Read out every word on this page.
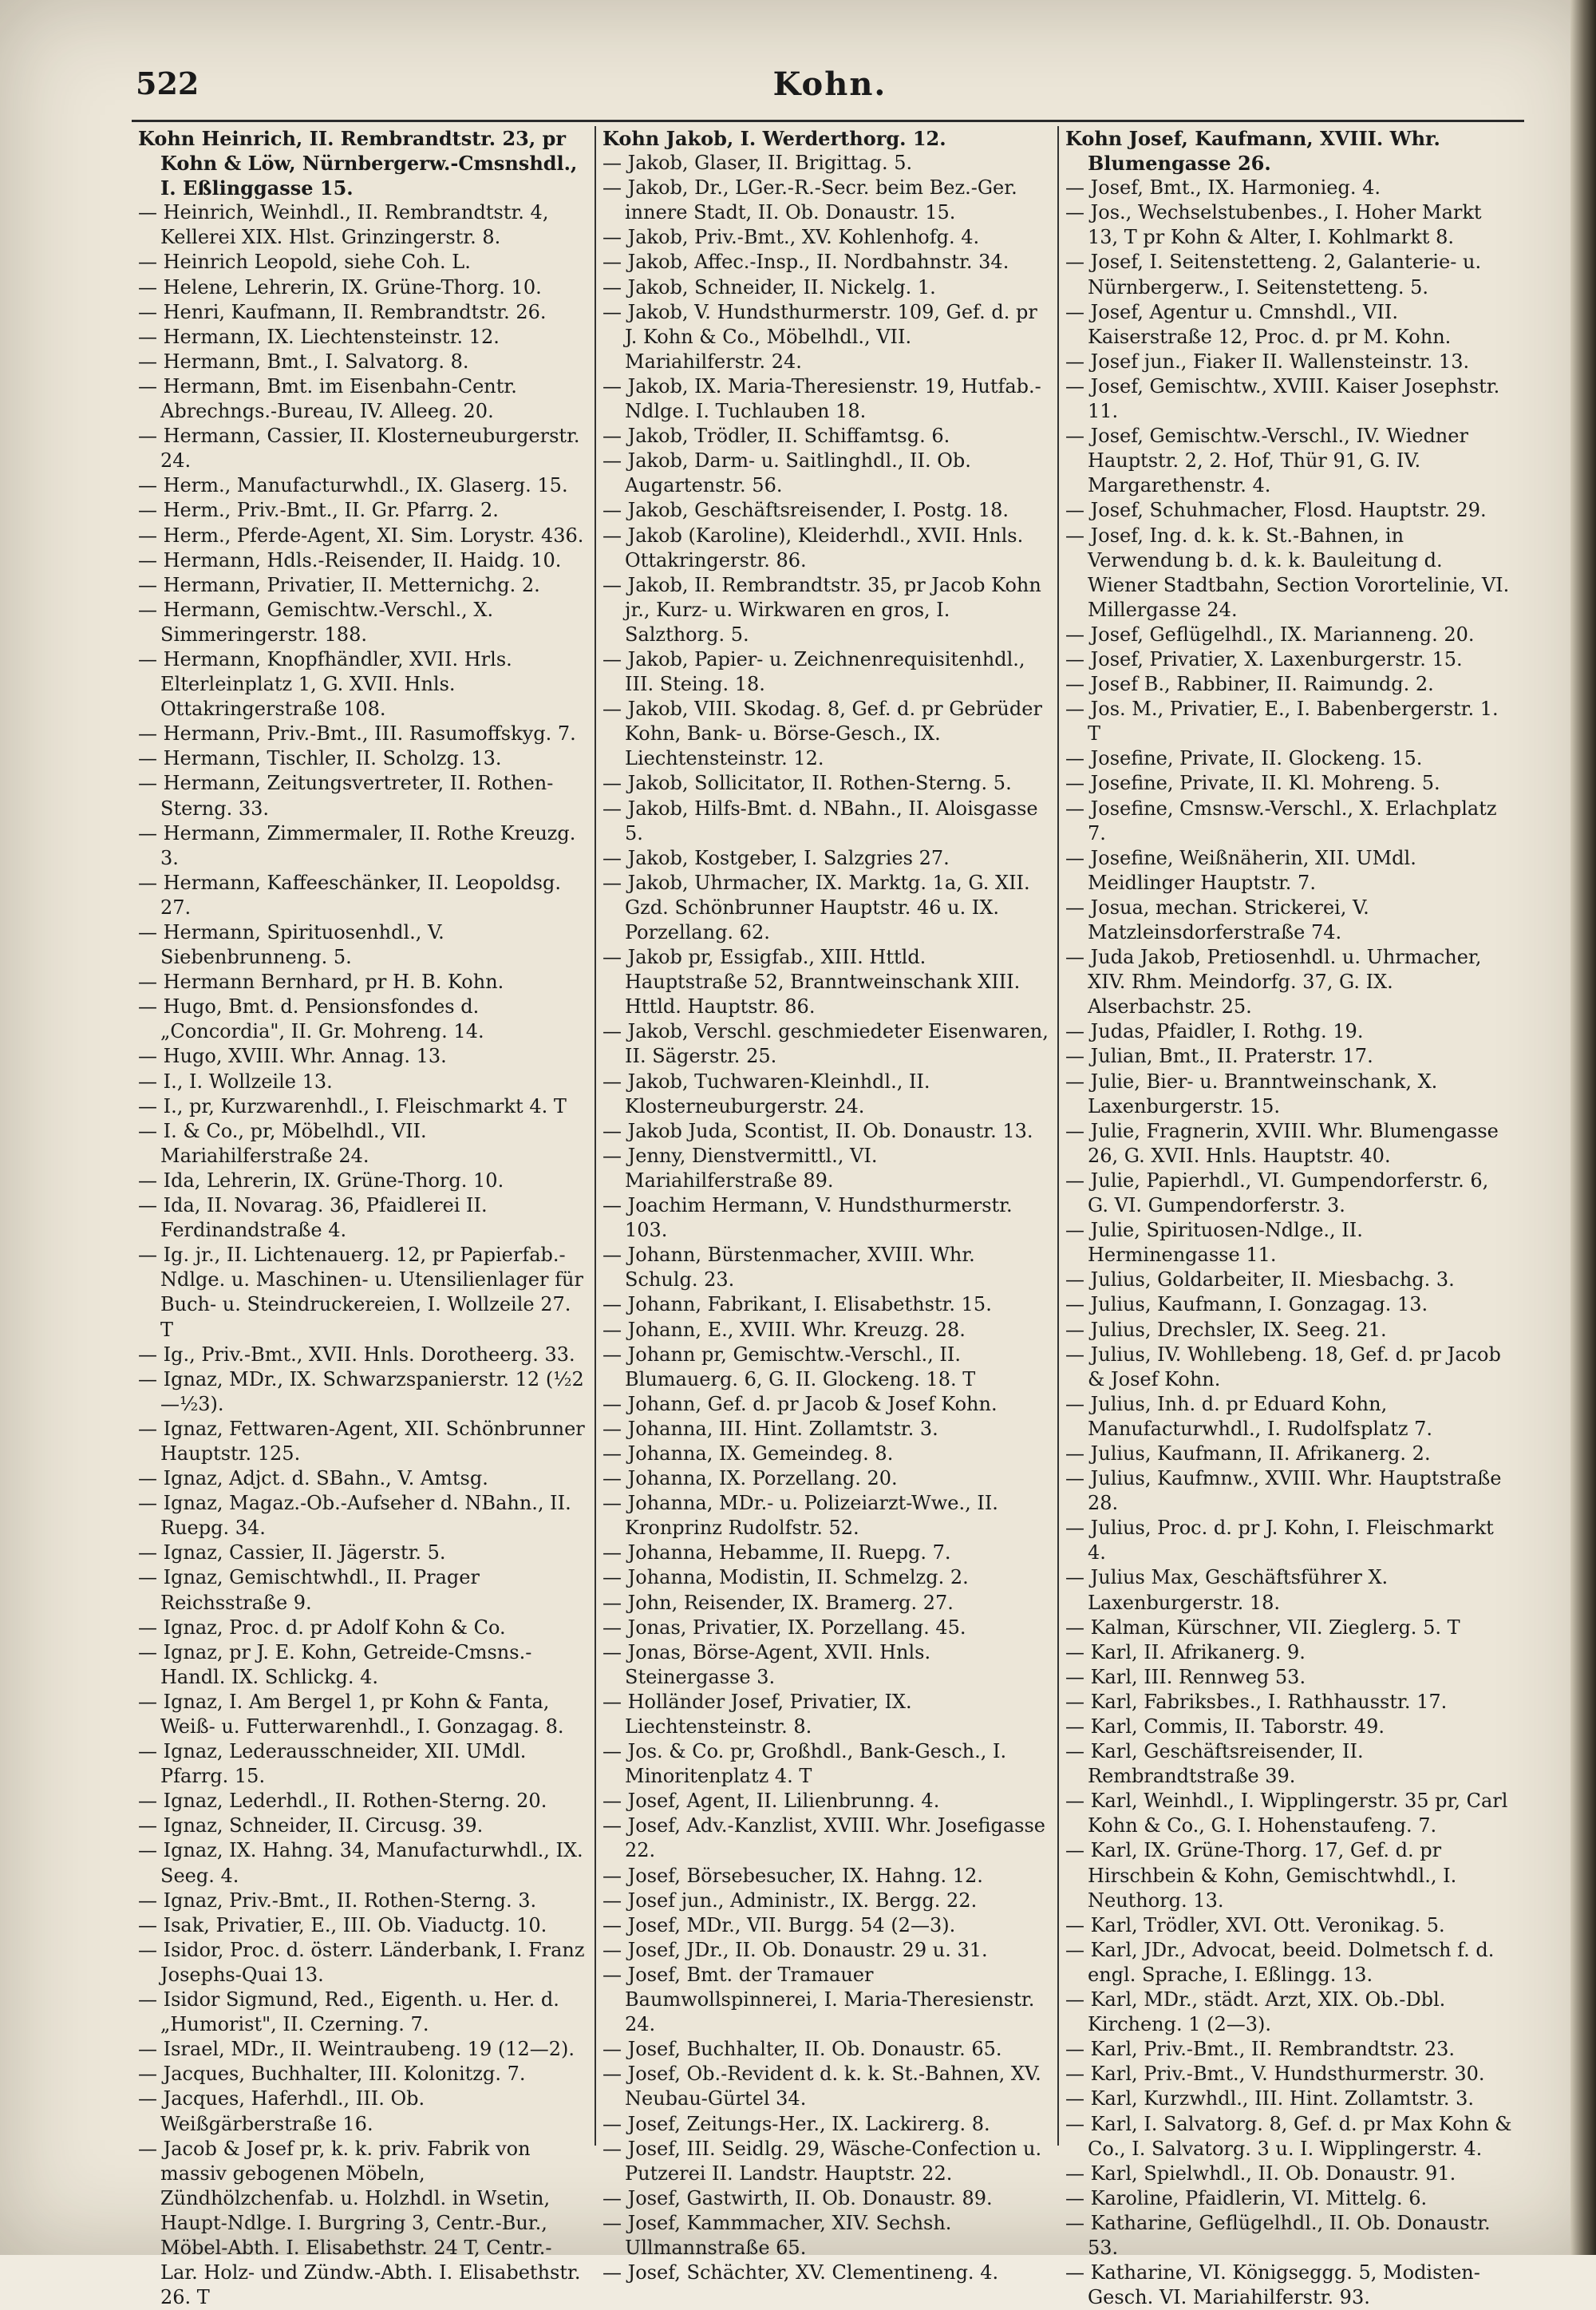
522	Kohn.
Kohn Heinrich, II. Rembrandtstr. 23, pr Kohn & Löw, Nürnbergerw.-Cmsnshdl., I. Eßlinggasse 15.
— Heinrich, Weinhdl., II. Rembrandtstr. 4, Kellerei XIX. Hlst. Grinzingerstr. 8.
— Heinrich Leopold, siehe Coh. L.
— Helene, Lehrerin, IX. Grüne-Thorg. 10.
— Henri, Kaufmann, II. Rembrandtstr. 26.
— Hermann, IX. Liechtensteinstr. 12.
— Hermann, Bmt., I. Salvatorg. 8.
— Hermann, Bmt. im Eisenbahn-Centr. Abrechngs.-Bureau, IV. Alleeg. 20.
— Hermann, Cassier, II. Klosterneuburgerstr. 24.
— Herm., Manufacturwhdl., IX. Glaserg. 15.
— Herm., Priv.-Bmt., II. Gr. Pfarrg. 2.
— Herm., Pferde-Agent, XI. Sim. Lorystr. 436.
— Hermann, Hdls.-Reisender, II. Haidg. 10.
— Hermann, Privatier, II. Metternichg. 2.
— Hermann, Gemischtw.-Verschl., X. Simmeringerstr. 188.
— Hermann, Knopfhändler, XVII. Hrls. Elterleinplatz 1, G. XVII. Hnls. Ottakringerstraße 108.
— Hermann, Priv.-Bmt., III. Rasumoffskyg. 7.
— Hermann, Tischler, II. Scholzg. 13.
— Hermann, Zeitungsvertreter, II. Rothen-Sterng. 33.
— Hermann, Zimmermaler, II. Rothe Kreuzg. 3.
— Hermann, Kaffeeschänker, II. Leopoldsg. 27.
— Hermann, Spirituosenhdl., V. Siebenbrunneng. 5.
— Hermann Bernhard, pr H. B. Kohn.
— Hugo, Bmt. d. Pensionsfondes d. „Concordia", II. Gr. Mohreng. 14.
— Hugo, XVIII. Whr. Annag. 13.
— I., I. Wollzeile 13.
— I., pr, Kurzwarenhdl., I. Fleischmarkt 4. T
— I. & Co., pr, Möbelhdl., VII. Mariahilferstraße 24.
— Ida, Lehrerin, IX. Grüne-Thorg. 10.
— Ida, II. Novarag. 36, Pfaidlerei II. Ferdinandstraße 4.
— Ig. jr., II. Lichtenauerg. 12, pr Papierfab.-Ndlge. u. Maschinen- u. Utensilienlager für Buch- u. Steindruckereien, I. Wollzeile 27. T
— Ig., Priv.-Bmt., XVII. Hnls. Dorotheerg. 33.
— Ignaz, MDr., IX. Schwarzspanierstr. 12 (½2—½3).
— Ignaz, Fettwaren-Agent, XII. Schönbrunner Hauptstr. 125.
— Ignaz, Adjct. d. SBahn., V. Amtsg.
— Ignaz, Magaz.-Ob.-Aufseher d. NBahn., II. Ruepg. 34.
— Ignaz, Cassier, II. Jägerstr. 5.
— Ignaz, Gemischtwhdl., II. Prager Reichsstraße 9.
— Ignaz, Proc. d. pr Adolf Kohn & Co.
— Ignaz, pr J. E. Kohn, Getreide-Cmsns.-Handl. IX. Schlickg. 4.
— Ignaz, I. Am Bergel 1, pr Kohn & Fanta, Weiß- u. Futterwarenhdl., I. Gonzagag. 8.
— Ignaz, Lederausschneider, XII. UMdl. Pfarrg. 15.
— Ignaz, Lederhdl., II. Rothen-Sterng. 20.
— Ignaz, Schneider, II. Circusg. 39.
— Ignaz, IX. Hahng. 34, Manufacturwhdl., IX. Seeg. 4.
— Ignaz, Priv.-Bmt., II. Rothen-Sterng. 3.
— Isak, Privatier, E., III. Ob. Viaductg. 10.
— Isidor, Proc. d. österr. Länderbank, I. Franz Josephs-Quai 13.
— Isidor Sigmund, Red., Eigenth. u. Her. d. „Humorist", II. Czerning. 7.
— Israel, MDr., II. Weintraubeng. 19 (12—2).
— Jacques, Buchhalter, III. Kolonitzg. 7.
— Jacques, Haferhdl., III. Ob. Weißgärberstraße 16.
— Jacob & Josef pr, k. k. priv. Fabrik von massiv gebogenen Möbeln, Zündhölzchenfab. u. Holzhdl. in Wsetin, Haupt-Ndlge. I. Burgring 3, Centr.-Bur., Möbel-Abth. I. Elisabethstr. 24 T, Centr.-Lar. Holz- und Zündw.-Abth. I. Elisabethstr. 26. T
Kohn Jakob, I. Werderthorg. 12.
— Jakob, Glaser, II. Brigittag. 5.
— Jakob, Dr., LGer.-R.-Secr. beim Bez.-Ger. innere Stadt, II. Ob. Donaustr. 15.
— Jakob, Priv.-Bmt., XV. Kohlenhofg. 4.
— Jakob, Affec.-Insp., II. Nordbahnstr. 34.
— Jakob, Schneider, II. Nickelg. 1.
— Jakob, V. Hundsthurmerstr. 109, Gef. d. pr J. Kohn & Co., Möbelhdl., VII. Mariahilferstr. 24.
— Jakob, IX. Maria-Theresienstr. 19, Hutfab.-Ndlge. I. Tuchlauben 18.
— Jakob, Trödler, II. Schiffamtsg. 6.
— Jakob, Darm- u. Saitlinghdl., II. Ob. Augartenstr. 56.
— Jakob, Geschäftsreisender, I. Postg. 18.
— Jakob (Karoline), Kleiderhdl., XVII. Hnls. Ottakringerstr. 86.
— Jakob, II. Rembrandtstr. 35, pr Jacob Kohn jr., Kurz- u. Wirkwaren en gros, I. Salzthorg. 5.
— Jakob, Papier- u. Zeichnenrequisitenhdl., III. Steing. 18.
— Jakob, VIII. Skodag. 8, Gef. d. pr Gebrüder Kohn, Bank- u. Börse-Gesch., IX. Liechtensteinstr. 12.
— Jakob, Sollicitator, II. Rothen-Sterng. 5.
— Jakob, Hilfs-Bmt. d. NBahn., II. Aloisgasse 5.
— Jakob, Kostgeber, I. Salzgries 27.
— Jakob, Uhrmacher, IX. Marktg. 1a, G. XII. Gzd. Schönbrunner Hauptstr. 46 u. IX. Porzellang. 62.
— Jakob pr, Essigfab., XIII. Httld. Hauptstraße 52, Branntweinschank XIII. Httld. Hauptstr. 86.
— Jakob, Verschl. geschmiedeter Eisenwaren, II. Sägerstr. 25.
— Jakob, Tuchwaren-Kleinhdl., II. Klosterneuburgerstr. 24.
— Jakob Juda, Scontist, II. Ob. Donaustr. 13.
— Jenny, Dienstvermittl., VI. Mariahilferstraße 89.
— Joachim Hermann, V. Hundsthurmerstr. 103.
— Johann, Bürstenmacher, XVIII. Whr. Schulg. 23.
— Johann, Fabrikant, I. Elisabethstr. 15.
— Johann, E., XVIII. Whr. Kreuzg. 28.
— Johann pr, Gemischtw.-Verschl., II. Blumauerg. 6, G. II. Glockeng. 18. T
— Johann, Gef. d. pr Jacob & Josef Kohn.
— Johanna, III. Hint. Zollamtstr. 3.
— Johanna, IX. Gemeindeg. 8.
— Johanna, IX. Porzellang. 20.
— Johanna, MDr.- u. Polizeiarzt-Wwe., II. Kronprinz Rudolfstr. 52.
— Johanna, Hebamme, II. Ruepg. 7.
— Johanna, Modistin, II. Schmelzg. 2.
— John, Reisender, IX. Bramerg. 27.
— Jonas, Privatier, IX. Porzellang. 45.
— Jonas, Börse-Agent, XVII. Hnls. Steinergasse 3.
— Holländer Josef, Privatier, IX. Liechtensteinstr. 8.
— Jos. & Co. pr, Großhdl., Bank-Gesch., I. Minoritenplatz 4. T
— Josef, Agent, II. Lilienbrunng. 4.
— Josef, Adv.-Kanzlist, XVIII. Whr. Josefigasse 22.
— Josef, Börsebesucher, IX. Hahng. 12.
— Josef jun., Administr., IX. Bergg. 22.
— Josef, MDr., VII. Burgg. 54 (2—3).
— Josef, JDr., II. Ob. Donaustr. 29 u. 31.
— Josef, Bmt. der Tramauer Baumwollspinnerei, I. Maria-Theresienstr. 24.
— Josef, Buchhalter, II. Ob. Donaustr. 65.
— Josef, Ob.-Revident d. k. k. St.-Bahnen, XV. Neubau-Gürtel 34.
— Josef, Zeitungs-Her., IX. Lackirerg. 8.
— Josef, III. Seidlg. 29, Wäsche-Confection u. Putzerei II. Landstr. Hauptstr. 22.
— Josef, Gastwirth, II. Ob. Donaustr. 89.
— Josef, Kammmacher, XIV. Sechsh. Ullmannstraße 65.
— Josef, Schächter, XV. Clementineng. 4.
Kohn Josef, Kaufmann, XVIII. Whr. Blumengasse 26.
— Josef, Bmt., IX. Harmonieg. 4.
— Jos., Wechselstubenbes., I. Hoher Markt 13, T pr Kohn & Alter, I. Kohlmarkt 8.
— Josef, I. Seitenstetteng. 2, Galanterie- u. Nürnbergerw., I. Seitenstetteng. 5.
— Josef, Agentur u. Cmnshdl., VII. Kaiserstraße 12, Proc. d. pr M. Kohn.
— Josef jun., Fiaker II. Wallensteinstr. 13.
— Josef, Gemischtw., XVIII. Kaiser Josephstr. 11.
— Josef, Gemischtw.-Verschl., IV. Wiedner Hauptstr. 2, 2. Hof, Thür 91, G. IV. Margarethenstr. 4.
— Josef, Schuhmacher, Flosd. Hauptstr. 29.
— Josef, Ing. d. k. k. St.-Bahnen, in Verwendung b. d. k. k. Bauleitung d. Wiener Stadtbahn, Section Vorortelinie, VI. Millergasse 24.
— Josef, Geflügelhdl., IX. Marianneng. 20.
— Josef, Privatier, X. Laxenburgerstr. 15.
— Josef B., Rabbiner, II. Raimundg. 2.
— Jos. M., Privatier, E., I. Babenbergerstr. 1. T
— Josefine, Private, II. Glockeng. 15.
— Josefine, Private, II. Kl. Mohreng. 5.
— Josefine, Cmsnsw.-Verschl., X. Erlachplatz 7.
— Josefine, Weißnäherin, XII. UMdl. Meidlinger Hauptstr. 7.
— Josua, mechan. Strickerei, V. Matzleinsdorferstraße 74.
— Juda Jakob, Pretiosenhdl. u. Uhrmacher, XIV. Rhm. Meindorfg. 37, G. IX. Alserbachstr. 25.
— Judas, Pfaidler, I. Rothg. 19.
— Julian, Bmt., II. Praterstr. 17.
— Julie, Bier- u. Branntweinschank, X. Laxenburgerstr. 15.
— Julie, Fragnerin, XVIII. Whr. Blumengasse 26, G. XVII. Hnls. Hauptstr. 40.
— Julie, Papierhdl., VI. Gumpendorferstr. 6, G. VI. Gumpendorferstr. 3.
— Julie, Spirituosen-Ndlge., II. Herminengasse 11.
— Julius, Goldarbeiter, II. Miesbachg. 3.
— Julius, Kaufmann, I. Gonzagag. 13.
— Julius, Drechsler, IX. Seeg. 21.
— Julius, IV. Wohllebeng. 18, Gef. d. pr Jacob & Josef Kohn.
— Julius, Inh. d. pr Eduard Kohn, Manufacturwhdl., I. Rudolfsplatz 7.
— Julius, Kaufmann, II. Afrikanerg. 2.
— Julius, Kaufmnw., XVIII. Whr. Hauptstraße 28.
— Julius, Proc. d. pr J. Kohn, I. Fleischmarkt 4.
— Julius Max, Geschäftsführer X. Laxenburgerstr. 18.
— Kalman, Kürschner, VII. Zieglerg. 5. T
— Karl, II. Afrikanerg. 9.
— Karl, III. Rennweg 53.
— Karl, Fabriksbes., I. Rathhausstr. 17.
— Karl, Commis, II. Taborstr. 49.
— Karl, Geschäftsreisender, II. Rembrandtstraße 39.
— Karl, Weinhdl., I. Wipplingerstr. 35 pr, Carl Kohn & Co., G. I. Hohenstaufeng. 7.
— Karl, IX. Grüne-Thorg. 17, Gef. d. pr Hirschbein & Kohn, Gemischtwhdl., I. Neuthorg. 13.
— Karl, Trödler, XVI. Ott. Veronikag. 5.
— Karl, JDr., Advocat, beeid. Dolmetsch f. d. engl. Sprache, I. Eßlingg. 13.
— Karl, MDr., städt. Arzt, XIX. Ob.-Dbl. Kircheng. 1 (2—3).
— Karl, Priv.-Bmt., II. Rembrandtstr. 23.
— Karl, Priv.-Bmt., V. Hundsthurmerstr. 30.
— Karl, Kurzwhdl., III. Hint. Zollamtstr. 3.
— Karl, I. Salvatorg. 8, Gef. d. pr Max Kohn & Co., I. Salvatorg. 3 u. I. Wipplingerstr. 4.
— Karl, Spielwhdl., II. Ob. Donaustr. 91.
— Karoline, Pfaidlerin, VI. Mittelg. 6.
— Katharine, Geflügelhdl., II. Ob. Donaustr. 53.
— Katharine, VI. Königseggg. 5, Modisten-Gesch. VI. Mariahilferstr. 93.
